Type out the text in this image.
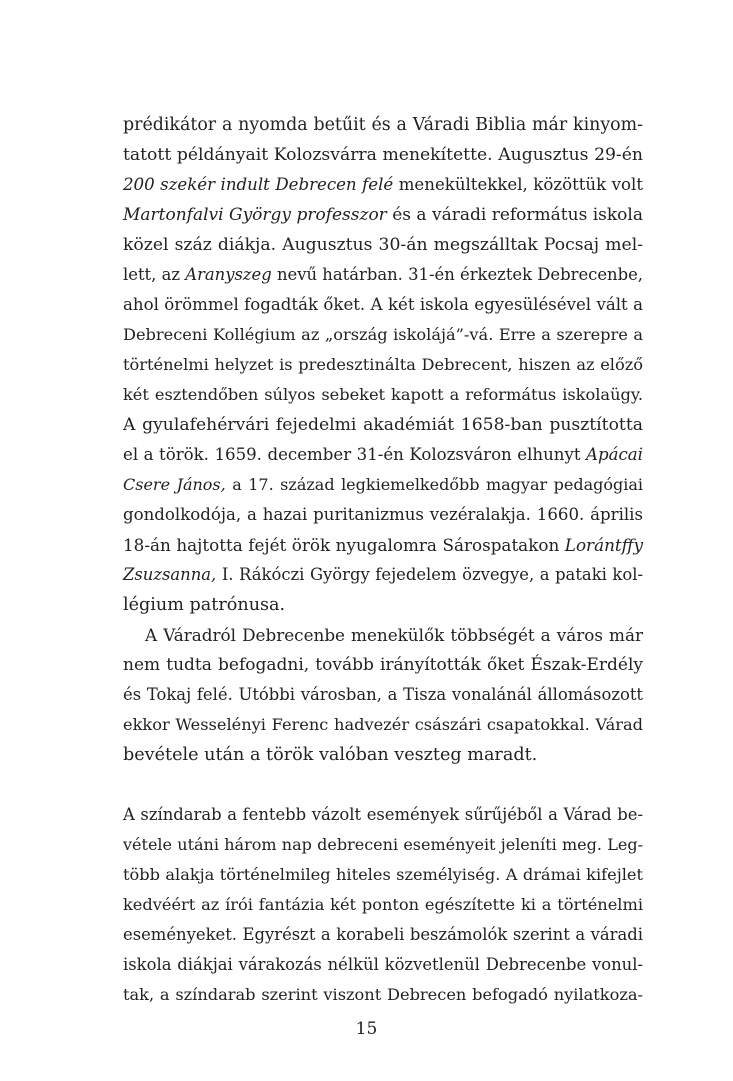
prédikátor a nyomda betűit és a Váradi Biblia már kinyom-
tatott példányait Kolozsvárra menekítette. Augusztus 29-én
200 szekér indult Debrecen felé menekültekkel, közöttük volt
Martonfalvi György professzor és a váradi református iskola
közel száz diákja. Augusztus 30-án megszálltak Pocsaj mel-
lett, az Aranyszeg nevű határban. 31-én érkeztek Debrecenbe,
ahol örömmel fogadták őket. A két iskola egyesülésével vált a
Debreceni Kollégium az „ország iskolájá”-vá. Erre a szerepre a
történelmi helyzet is predesztinálta Debrecent, hiszen az előző
két esztendőben súlyos sebeket kapott a református iskolaügy.
A gyulafehérvári fejedelmi akadémiát 1658-ban pusztította
el a török. 1659. december 31-én Kolozsváron elhunyt Apácai
Csere János, a 17. század legkiemelkedőbb magyar pedagógiai
gondolkodója, a hazai puritanizmus vezéralakja. 1660. április
18-án hajtotta fejét örök nyugalomra Sárospatakon Lorántffy
Zsuzsanna, I. Rákóczi György fejedelem özvegye, a pataki kol-
légium patrónusa.
A Váradról Debrecenbe menekülők többségét a város már
nem tudta befogadni, tovább irányították őket Észak-Erdély
és Tokaj felé. Utóbbi városban, a Tisza vonalánál állomásozott
ekkor Wesselényi Ferenc hadvezér császári csapatokkal. Várad
bevétele után a török valóban veszteg maradt.
A színdarab a fentebb vázolt események sűrűjéből a Várad be-
vétele utáni három nap debreceni eseményeit jeleníti meg. Leg-
több alakja történelmileg hiteles személyiség. A drámai kifejlet
kedvéért az írói fantázia két ponton egészítette ki a történelmi
eseményeket. Egyrészt a korabeli beszámolók szerint a váradi
iskola diákjai várakozás nélkül közvetlenül Debrecenbe vonul-
tak, a színdarab szerint viszont Debrecen befogadó nyilatkoza-
15
